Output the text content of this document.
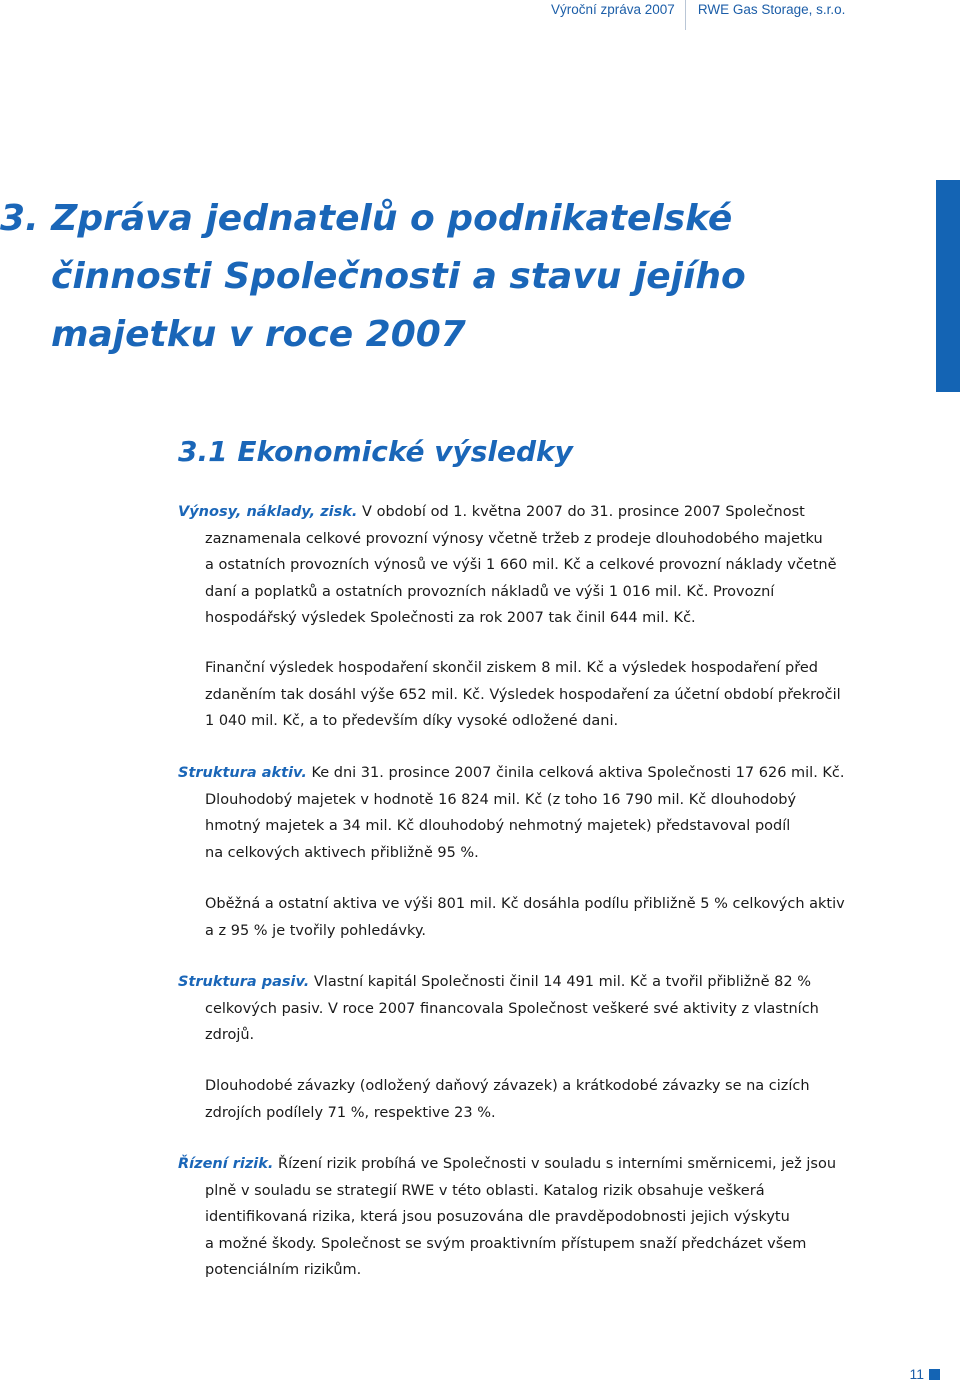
Výroční zpráva 2007 RWE Gas Storage, s.r.o.
3. Zpráva jednatelů o podnikatelské
činnosti Společnosti a stavu jejího
majetku v roce 2007
3.1 Ekonomické výsledky
Výnosy, náklady, zisk. V období od 1. května 2007 do 31. prosince 2007 Společnost
zaznamenala celkové provozní výnosy včetně tržeb z prodeje dlouhodobého majetku
a ostatních provozních výnosů ve výši 1 660 mil. Kč a celkové provozní náklady včetně
daní a poplatků a ostatních provozních nákladů ve výši 1 016 mil. Kč. Provozní
hospodářský výsledek Společnosti za rok 2007 tak činil 644 mil. Kč.
Finanční výsledek hospodaření skončil ziskem 8 mil. Kč a výsledek hospodaření před
zdaněním tak dosáhl výše 652 mil. Kč. Výsledek hospodaření za účetní období překročil
1 040 mil. Kč, a to především díky vysoké odložené dani.
Struktura aktiv. Ke dni 31. prosince 2007 činila celková aktiva Společnosti 17 626 mil. Kč.
Dlouhodobý majetek v hodnotě 16 824 mil. Kč (z toho 16 790 mil. Kč dlouhodobý
hmotný majetek a 34 mil. Kč dlouhodobý nehmotný majetek) představoval podíl
na celkových aktivech přibližně 95 %.
Oběžná a ostatní aktiva ve výši 801 mil. Kč dosáhla podílu přibližně 5 % celkových aktiv
a z 95 % je tvořily pohledávky.
Struktura pasiv. Vlastní kapitál Společnosti činil 14 491 mil. Kč a tvořil přibližně 82 %
celkových pasiv. V roce 2007 financovala Společnost veškeré své aktivity z vlastních
zdrojů.
Dlouhodobé závazky (odložený daňový závazek) a krátkodobé závazky se na cizích
zdrojích podílely 71 %, respektive 23 %.
Řízení rizik. Řízení rizik probíhá ve Společnosti v souladu s interními směrnicemi, jež jsou
plně v souladu se strategií RWE v této oblasti. Katalog rizik obsahuje veškerá
identifikovaná rizika, která jsou posuzována dle pravděpodobnosti jejich výskytu
a možné škody. Společnost se svým proaktivním přístupem snaží předcházet všem
potenciálním rizikům.
11
